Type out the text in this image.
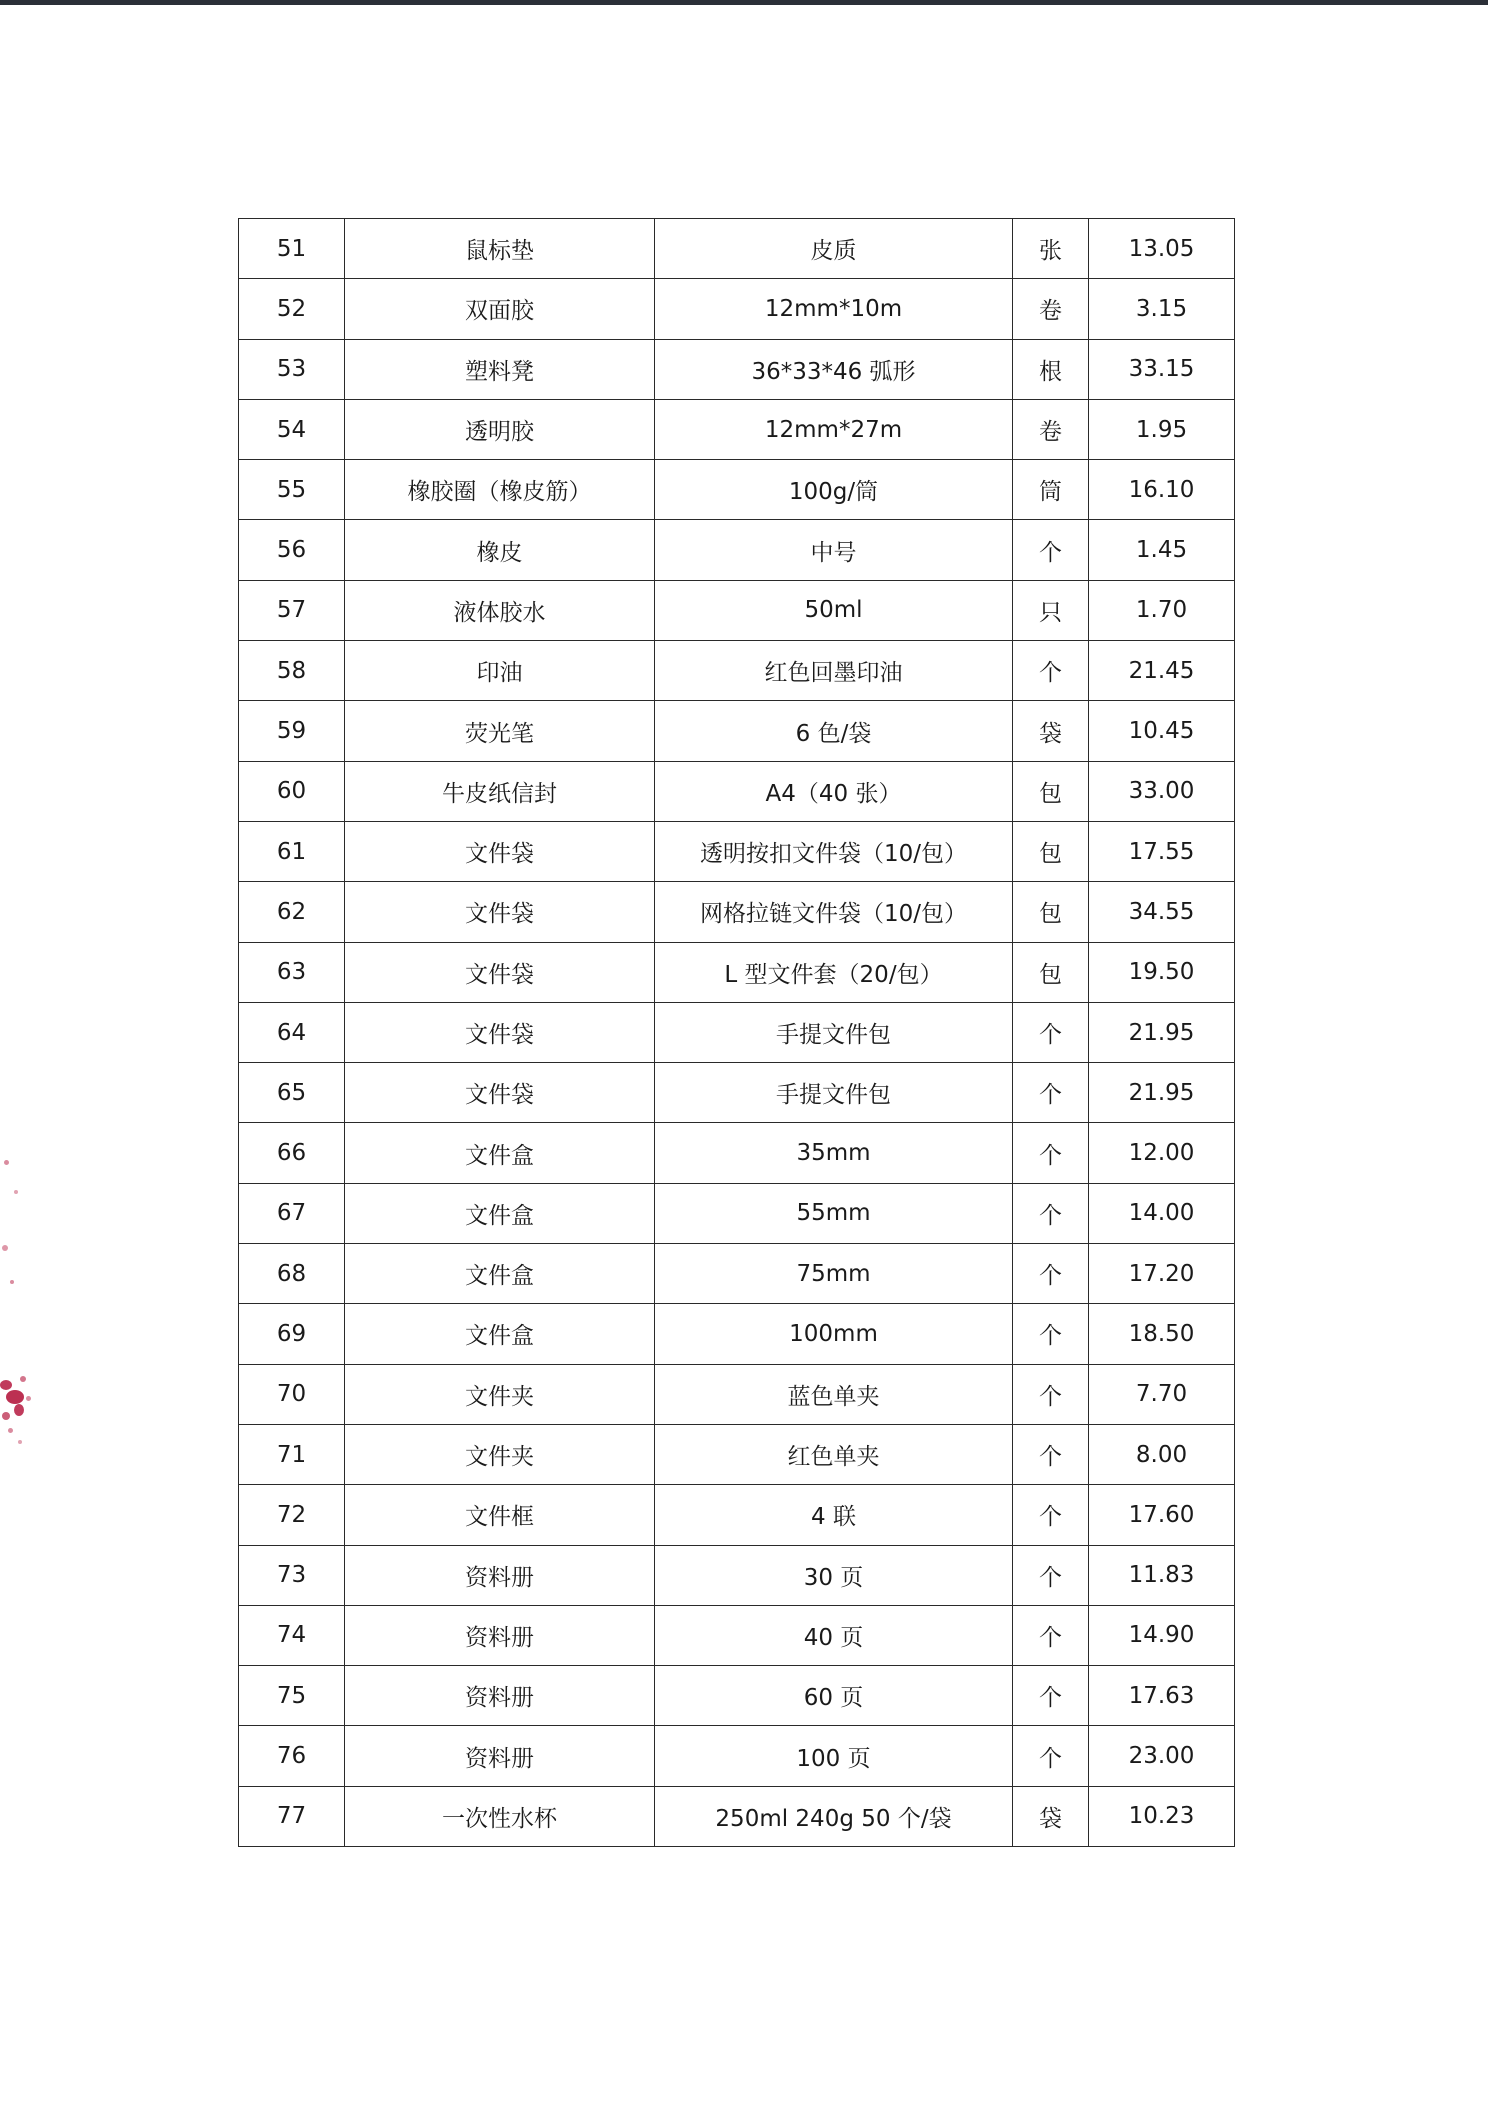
51	鼠标垫	皮质	张	13.05
52	双面胶	12mm*10m	卷	3.15
53	塑料凳	36*33*46 弧形	根	33.15
54	透明胶	12mm*27m	卷	1.95
55	橡胶圈（橡皮筋）	100g/筒	筒	16.10
56	橡皮	中号	个	1.45
57	液体胶水	50ml	只	1.70
58	印油	红色回墨印油	个	21.45
59	荧光笔	6 色/袋	袋	10.45
60	牛皮纸信封	A4（40 张）	包	33.00
61	文件袋	透明按扣文件袋（10/包）	包	17.55
62	文件袋	网格拉链文件袋（10/包）	包	34.55
63	文件袋	L 型文件套（20/包）	包	19.50
64	文件袋	手提文件包	个	21.95
65	文件袋	手提文件包	个	21.95
66	文件盒	35mm	个	12.00
67	文件盒	55mm	个	14.00
68	文件盒	75mm	个	17.20
69	文件盒	100mm	个	18.50
70	文件夹	蓝色单夹	个	7.70
71	文件夹	红色单夹	个	8.00
72	文件框	4 联	个	17.60
73	资料册	30 页	个	11.83
74	资料册	40 页	个	14.90
75	资料册	60 页	个	17.63
76	资料册	100 页	个	23.00
77	一次性水杯	250ml 240g 50 个/袋	袋	10.23
